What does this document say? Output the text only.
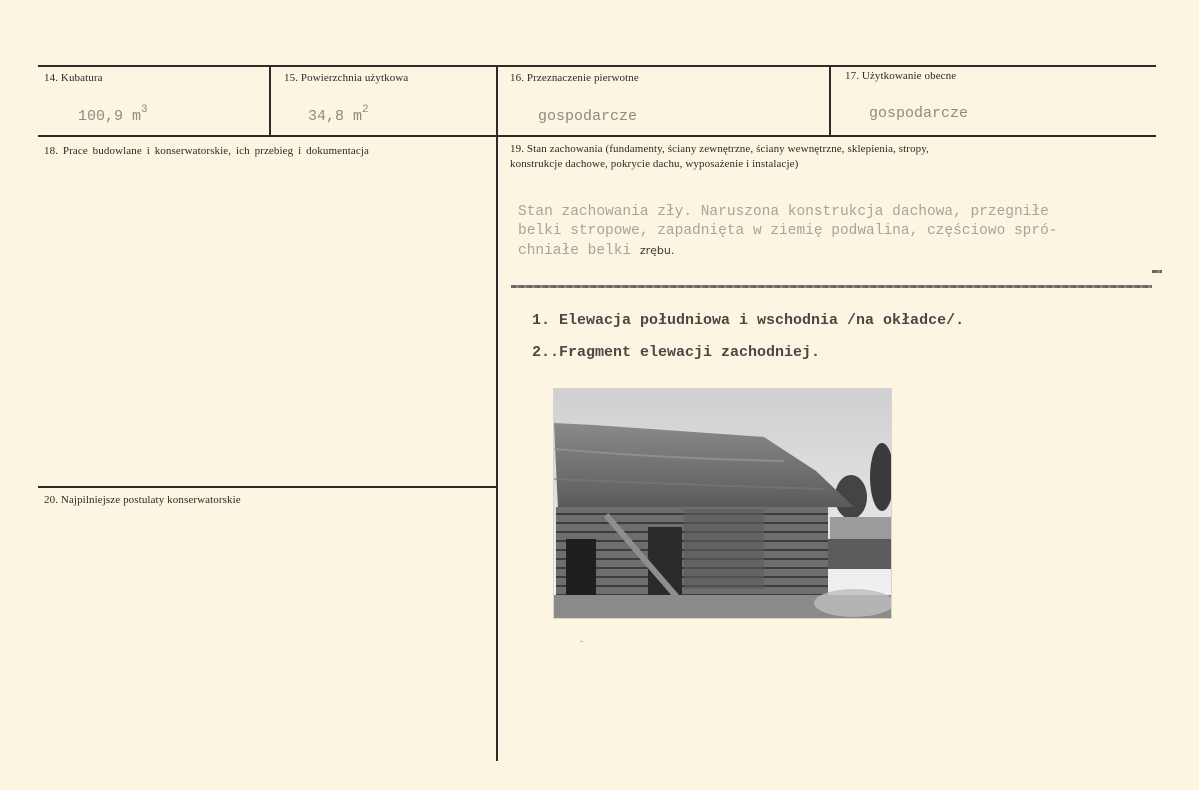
14. Kubatura
100,9 $m^3$
15. Powierzchnia użytkowa
34,8 $m^2$
16. Przeznaczenie pierwotne
gospodarcze
17. Użytkowanie obecne
gospodarcze
18. Prace budowlane i konserwatorskie, ich przebieg i dokumentacja	19. Stan zachowania (fundamenty, ściany zewnętrzne, ściany wewnętrzne, sklepienia, stropy,
konstrukcje dachowe, pokrycie dachu, wyposażenie i instalacje)
Stan zachowania zły. Naruszona konstrukcja dachowa, przegniłe
belki stropowe, zapadnięta w ziemię podwalina, częściowo spró-
chniałe belki zrębu.
1. Elewacja południowa i wschodnia /na okładce/.
2..Fragment elewacji zachodniej.
ˇ
20. Najpilniejsze postulaty konserwatorskie
